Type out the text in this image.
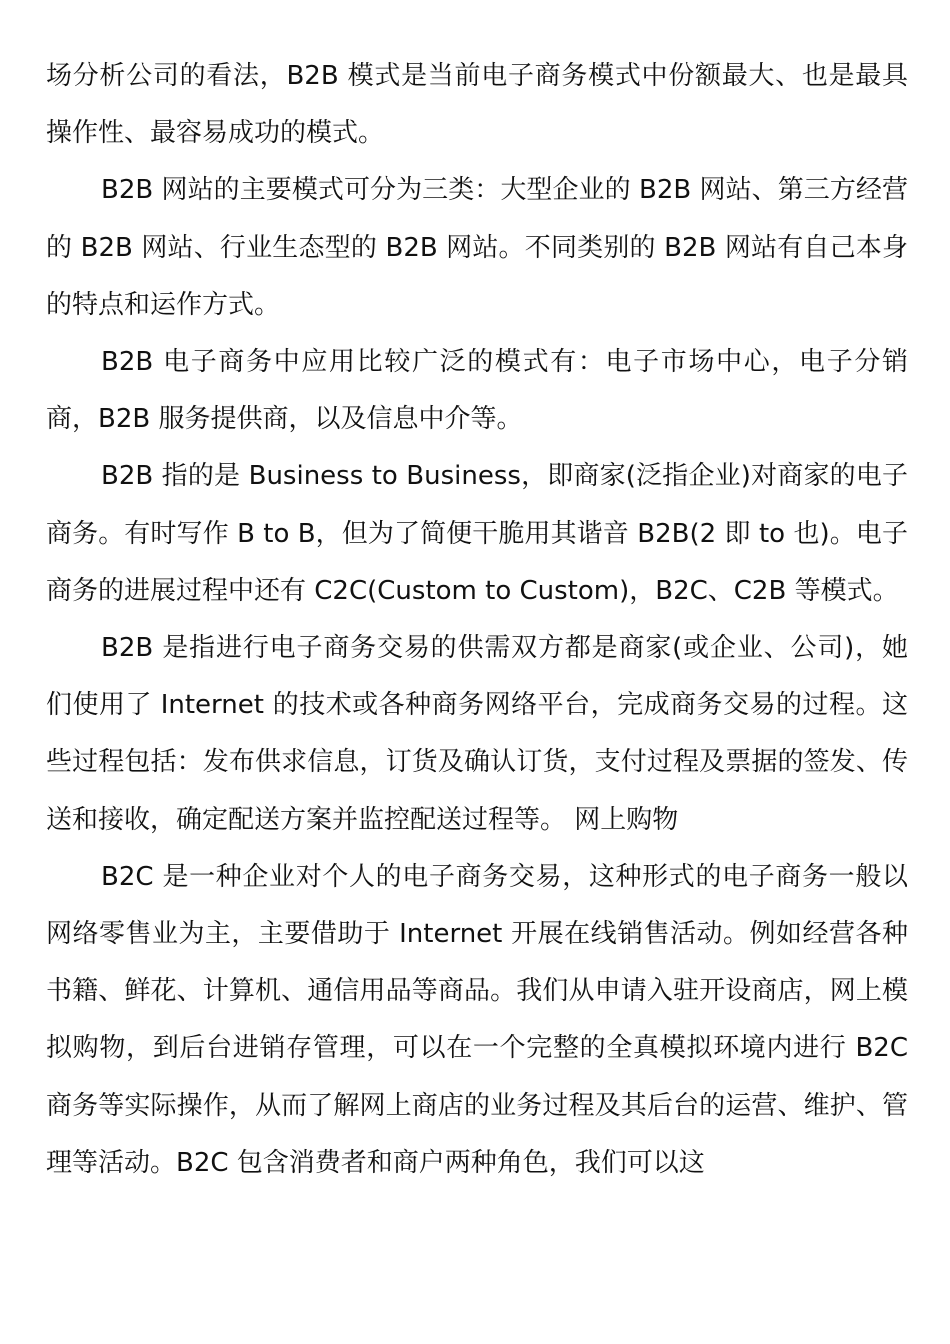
场分析公司的看法，B2B 模式是当前电子商务模式中份额最大、也是最具操作性、最容易成功的模式。

B2B 网站的主要模式可分为三类：大型企业的 B2B 网站、第三方经营的 B2B 网站、行业生态型的 B2B 网站。不同类别的 B2B 网站有自己本身的特点和运作方式。

B2B 电子商务中应用比较广泛的模式有：电子市场中心，电子分销商，B2B 服务提供商，以及信息中介等。

B2B 指的是 Business to Business，即商家(泛指企业)对商家的电子商务。有时写作 B to B，但为了简便干脆用其谐音 B2B(2 即 to 也)。电子商务的进展过程中还有 C2C(Custom to Custom)，B2C、C2B 等模式。

B2B 是指进行电子商务交易的供需双方都是商家(或企业、公司)，她们使用了 Internet 的技术或各种商务网络平台，完成商务交易的过程。这些过程包括：发布供求信息，订货及确认订货，支付过程及票据的签发、传送和接收，确定配送方案并监控配送过程等。 网上购物

B2C 是一种企业对个人的电子商务交易，这种形式的电子商务一般以网络零售业为主，主要借助于 Internet 开展在线销售活动。例如经营各种书籍、鲜花、计算机、通信用品等商品。我们从申请入驻开设商店，网上模拟购物，到后台进销存管理，可以在一个完整的全真模拟环境内进行 B2C 商务等实际操作，从而了解网上商店的业务过程及其后台的运营、维护、管理等活动。B2C 包含消费者和商户两种角色，我们可以这
